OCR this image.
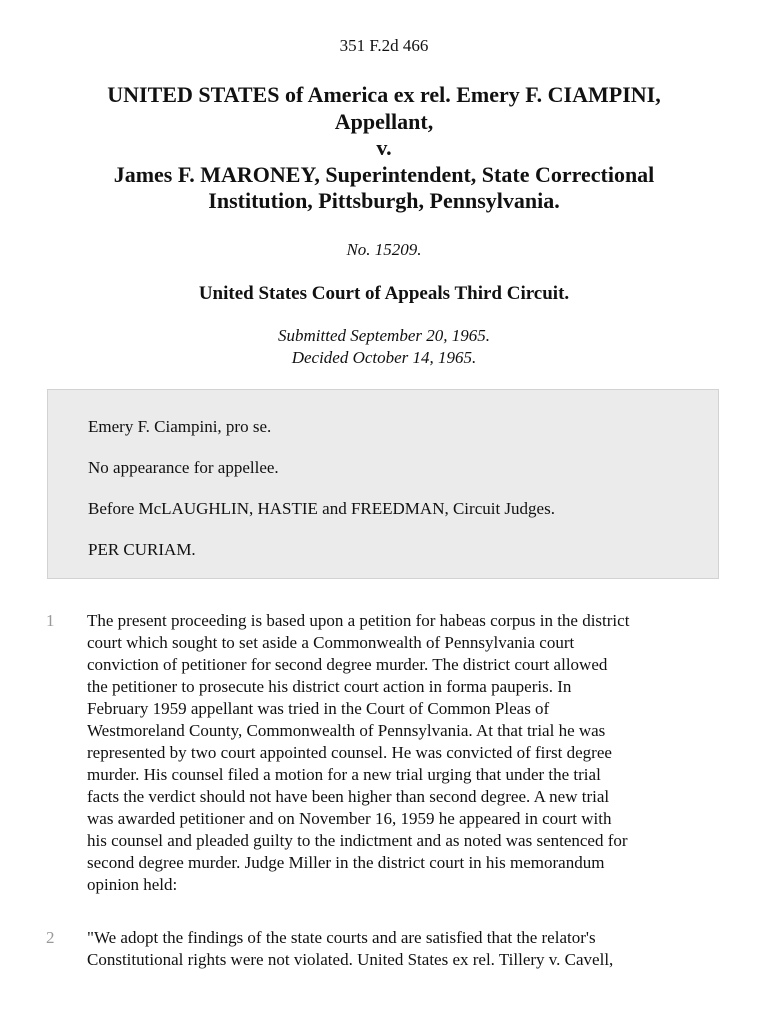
351 F.2d 466
UNITED STATES of America ex rel. Emery F. CIAMPINI,
Appellant,
v.
James F. MARONEY, Superintendent, State Correctional
Institution, Pittsburgh, Pennsylvania.
No. 15209.
United States Court of Appeals Third Circuit.
Submitted September 20, 1965.
Decided October 14, 1965.

Emery F. Ciampini, pro se.

No appearance for appellee.

Before McLAUGHLIN, HASTIE and FREEDMAN, Circuit Judges.

PER CURIAM.

1	The present proceeding is based upon a petition for habeas corpus in the district
court which sought to set aside a Commonwealth of Pennsylvania court
conviction of petitioner for second degree murder. The district court allowed
the petitioner to prosecute his district court action in forma pauperis. In
February 1959 appellant was tried in the Court of Common Pleas of
Westmoreland County, Commonwealth of Pennsylvania. At that trial he was
represented by two court appointed counsel. He was convicted of first degree
murder. His counsel filed a motion for a new trial urging that under the trial
facts the verdict should not have been higher than second degree. A new trial
was awarded petitioner and on November 16, 1959 he appeared in court with
his counsel and pleaded guilty to the indictment and as noted was sentenced for
second degree murder. Judge Miller in the district court in his memorandum
opinion held:
2	"We adopt the findings of the state courts and are satisfied that the relator's
Constitutional rights were not violated. United States ex rel. Tillery v. Cavell,
